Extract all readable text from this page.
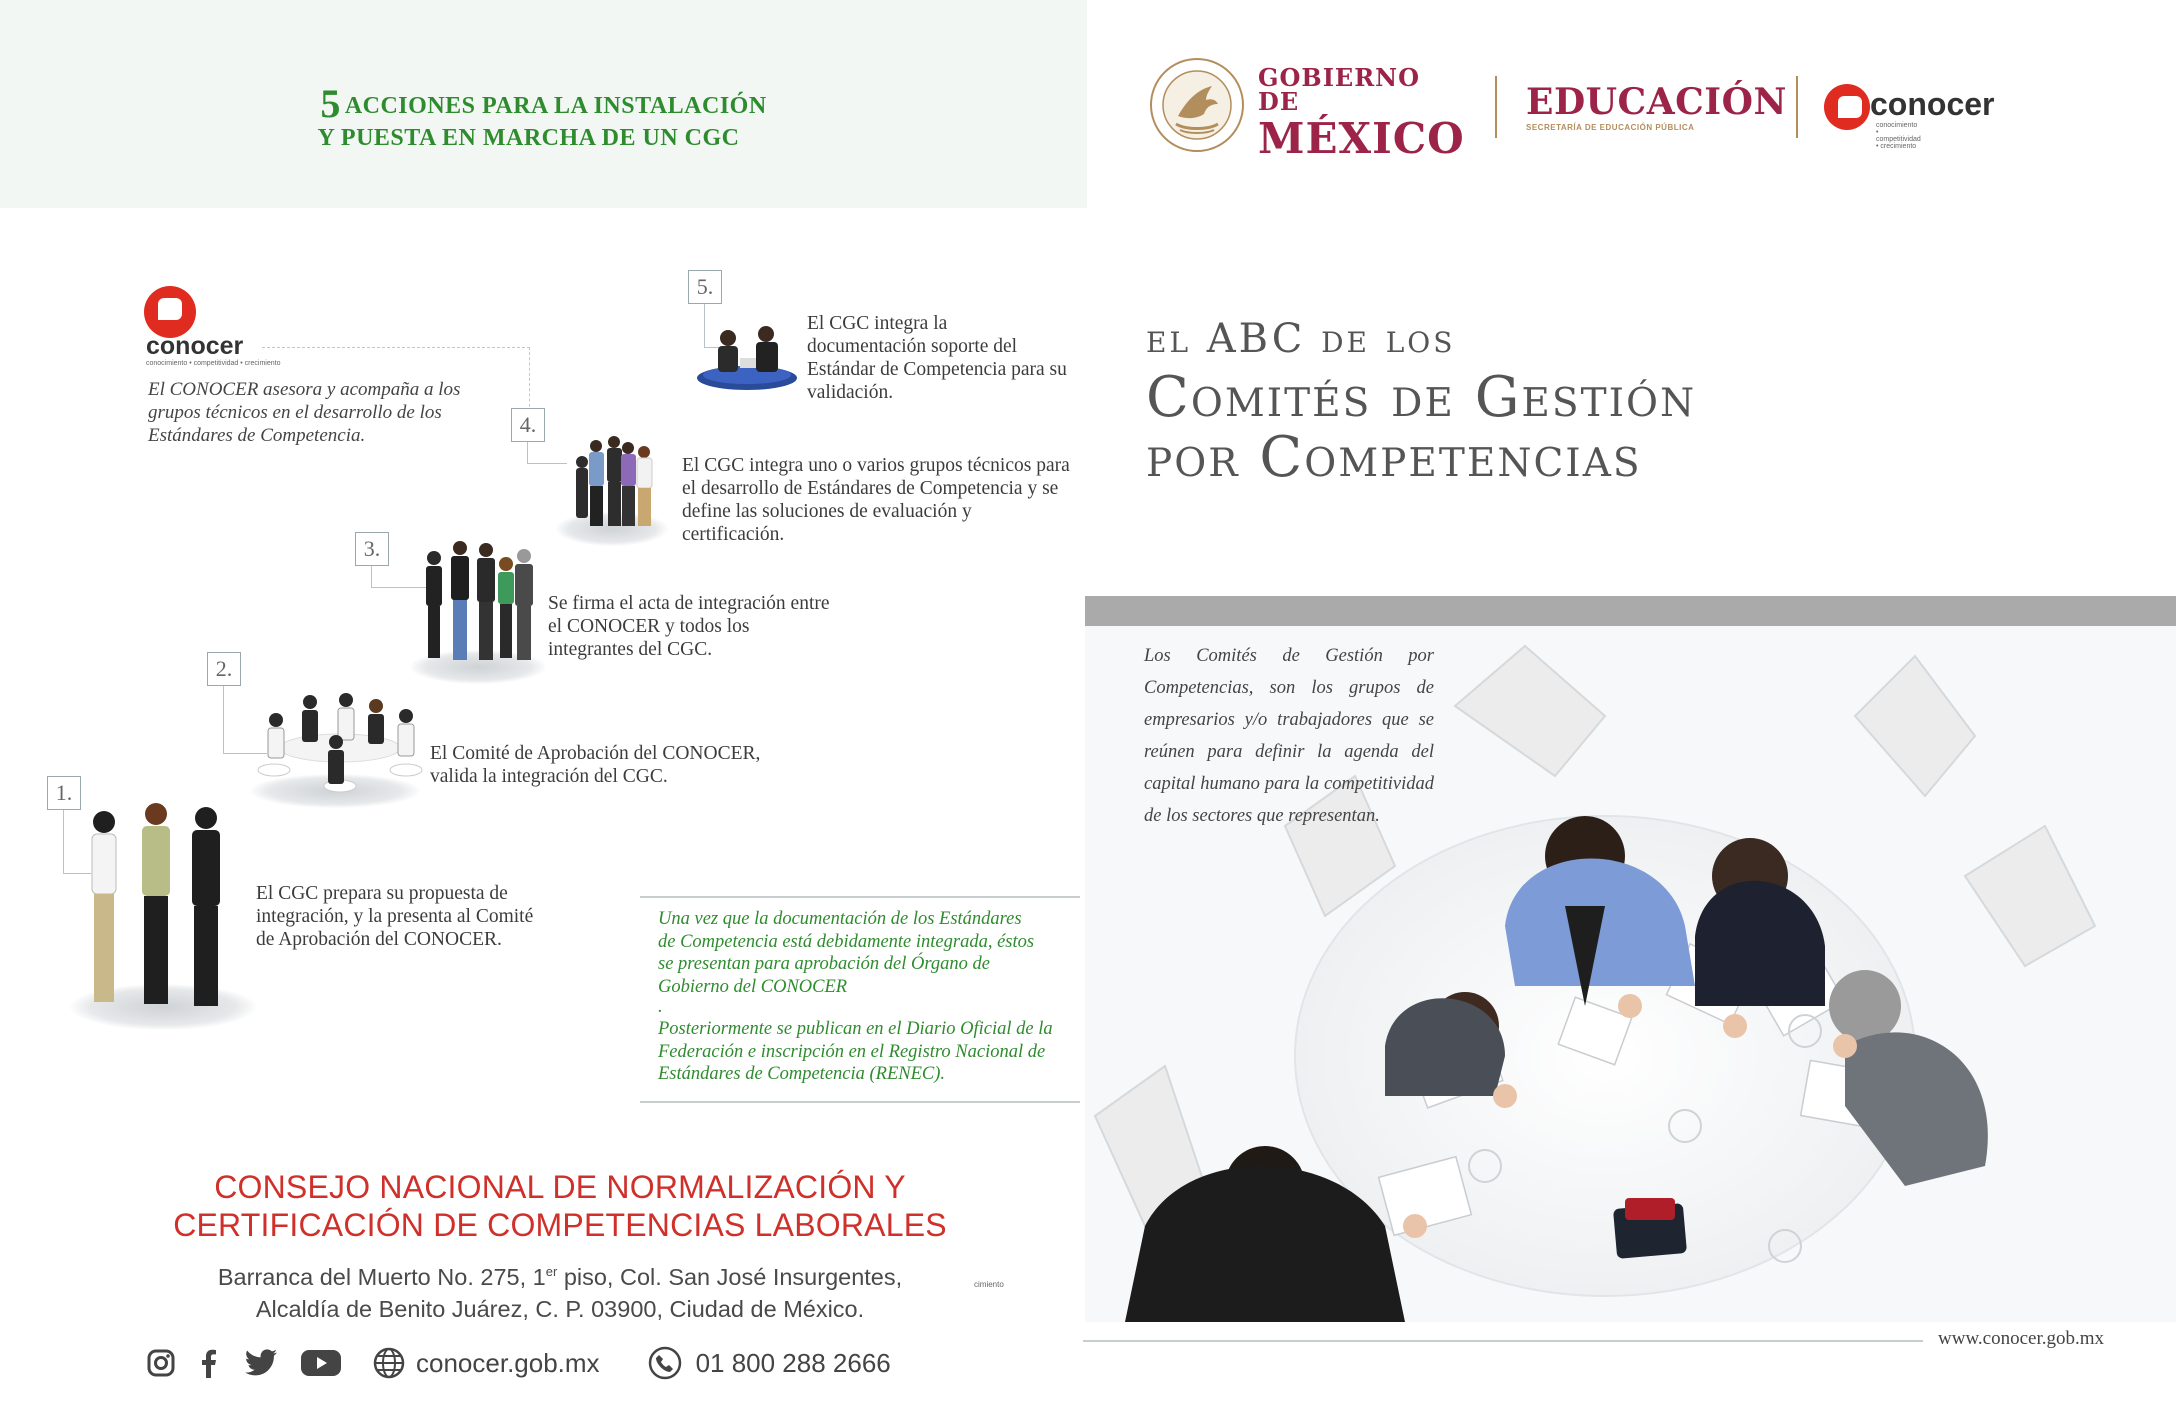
5 ACCIONES PARA LA INSTALACIÓN
Y PUESTA EN MARCHA DE UN CGC
conocer
conocimiento • competitividad • crecimiento
El CONOCER asesora y acompaña a los grupos técnicos en el desarrollo de los Estándares de Competencia.
5.
El CGC integra la documentación soporte del Estándar de Competencia para su validación.
4.
El CGC integra uno o varios grupos técnicos para el desarrollo de Estándares de Competencia y se define las soluciones de evaluación y certificación.
3.
Se firma el acta de integración entre el CONOCER y todos los integrantes del CGC.
2.
El Comité de Aprobación del CONOCER, valida la integración del CGC.
1.
El CGC prepara su propuesta de integración, y la presenta al Comité de Aprobación del CONOCER.
Una vez que la documentación de los Estándares de Competencia está debidamente integrada, éstos se presentan para aprobación del Órgano de Gobierno del CONOCER
.
Posteriormente se publican en el Diario Oficial de la Federación e inscripción en el Registro Nacional de Estándares de Competencia (RENEC).
CONSEJO NACIONAL DE NORMALIZACIÓN Y
CERTIFICACIÓN DE COMPETENCIAS LABORALES
Barranca del Muerto No. 275, 1er piso, Col. San José Insurgentes,
Alcaldía de Benito Juárez, C. P. 03900, Ciudad de México.
cimiento
conocer.gob.mx	01 800 288 2666
GOBIERNO DE
MÉXICO
EDUCACIÓN
SECRETARÍA DE EDUCACIÓN PÚBLICA
conocer
conocimiento • competitividad • crecimiento
el ABC de los
Comités de Gestión
por Competencias
Los Comités de Gestión por Competencias, son los grupos de empresarios y/o trabajadores que se reúnen para definir la agenda del capital humano para la competitividad de los sectores que representan.
www.conocer.gob.mx
